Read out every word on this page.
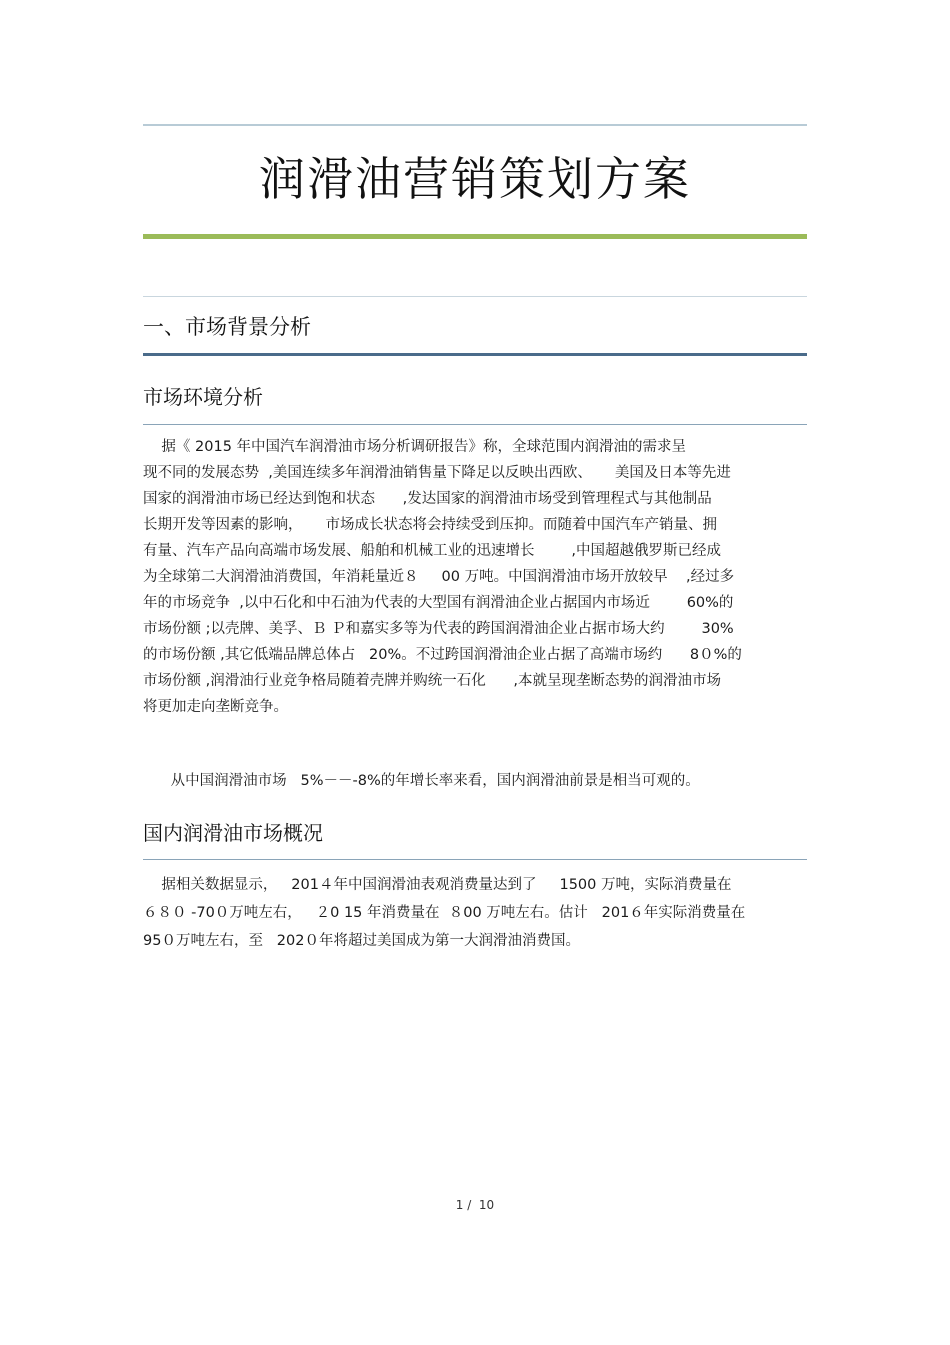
润滑油营销策划方案
一、市场背景分析
市场环境分析
据《 2015 年中国汽车润滑油市场分析调研报告》称，全球范围内润滑油的需求呈
现不同的发展态势  ,美国连续多年润滑油销售量下降足以反映出西欧、     美国及日本等先进
国家的润滑油市场已经达到饱和状态      ,发达国家的润滑油市场受到管理程式与其他制品
长期开发等因素的影响，     市场成长状态将会持续受到压抑。而随着中国汽车产销量、拥
有量、汽车产品向高端市场发展、船舶和机械工业的迅速增长        ,中国超越俄罗斯已经成
为全球第二大润滑油消费国，年消耗量近８     00 万吨。中国润滑油市场开放较早    ,经过多
年的市场竞争  ,以中石化和中石油为代表的大型国有润滑油企业占据国内市场近        60%的
市场份额 ;以壳牌、美孚、Ｂ Ｐ和嘉实多等为代表的跨国润滑油企业占据市场大约        30%
的市场份额 ,其它低端品牌总体占   20%。不过跨国润滑油企业占据了高端市场约      8０%的
市场份额 ,润滑油行业竞争格局随着壳牌并购统一石化      ,本就呈现垄断态势的润滑油市场
将更加走向垄断竞争。
从中国润滑油市场   5%－－-8%的年增长率来看，国内润滑油前景是相当可观的。
国内润滑油市场概况
据相关数据显示，   201４年中国润滑油表观消费量达到了     1500 万吨，实际消费量在
６８０ -70０万吨左右，   ２0 15 年消费量在  ８00 万吨左右。估计   201６年实际消费量在
95０万吨左右，至   202０年将超过美国成为第一大润滑油消费国。
1 /  10
